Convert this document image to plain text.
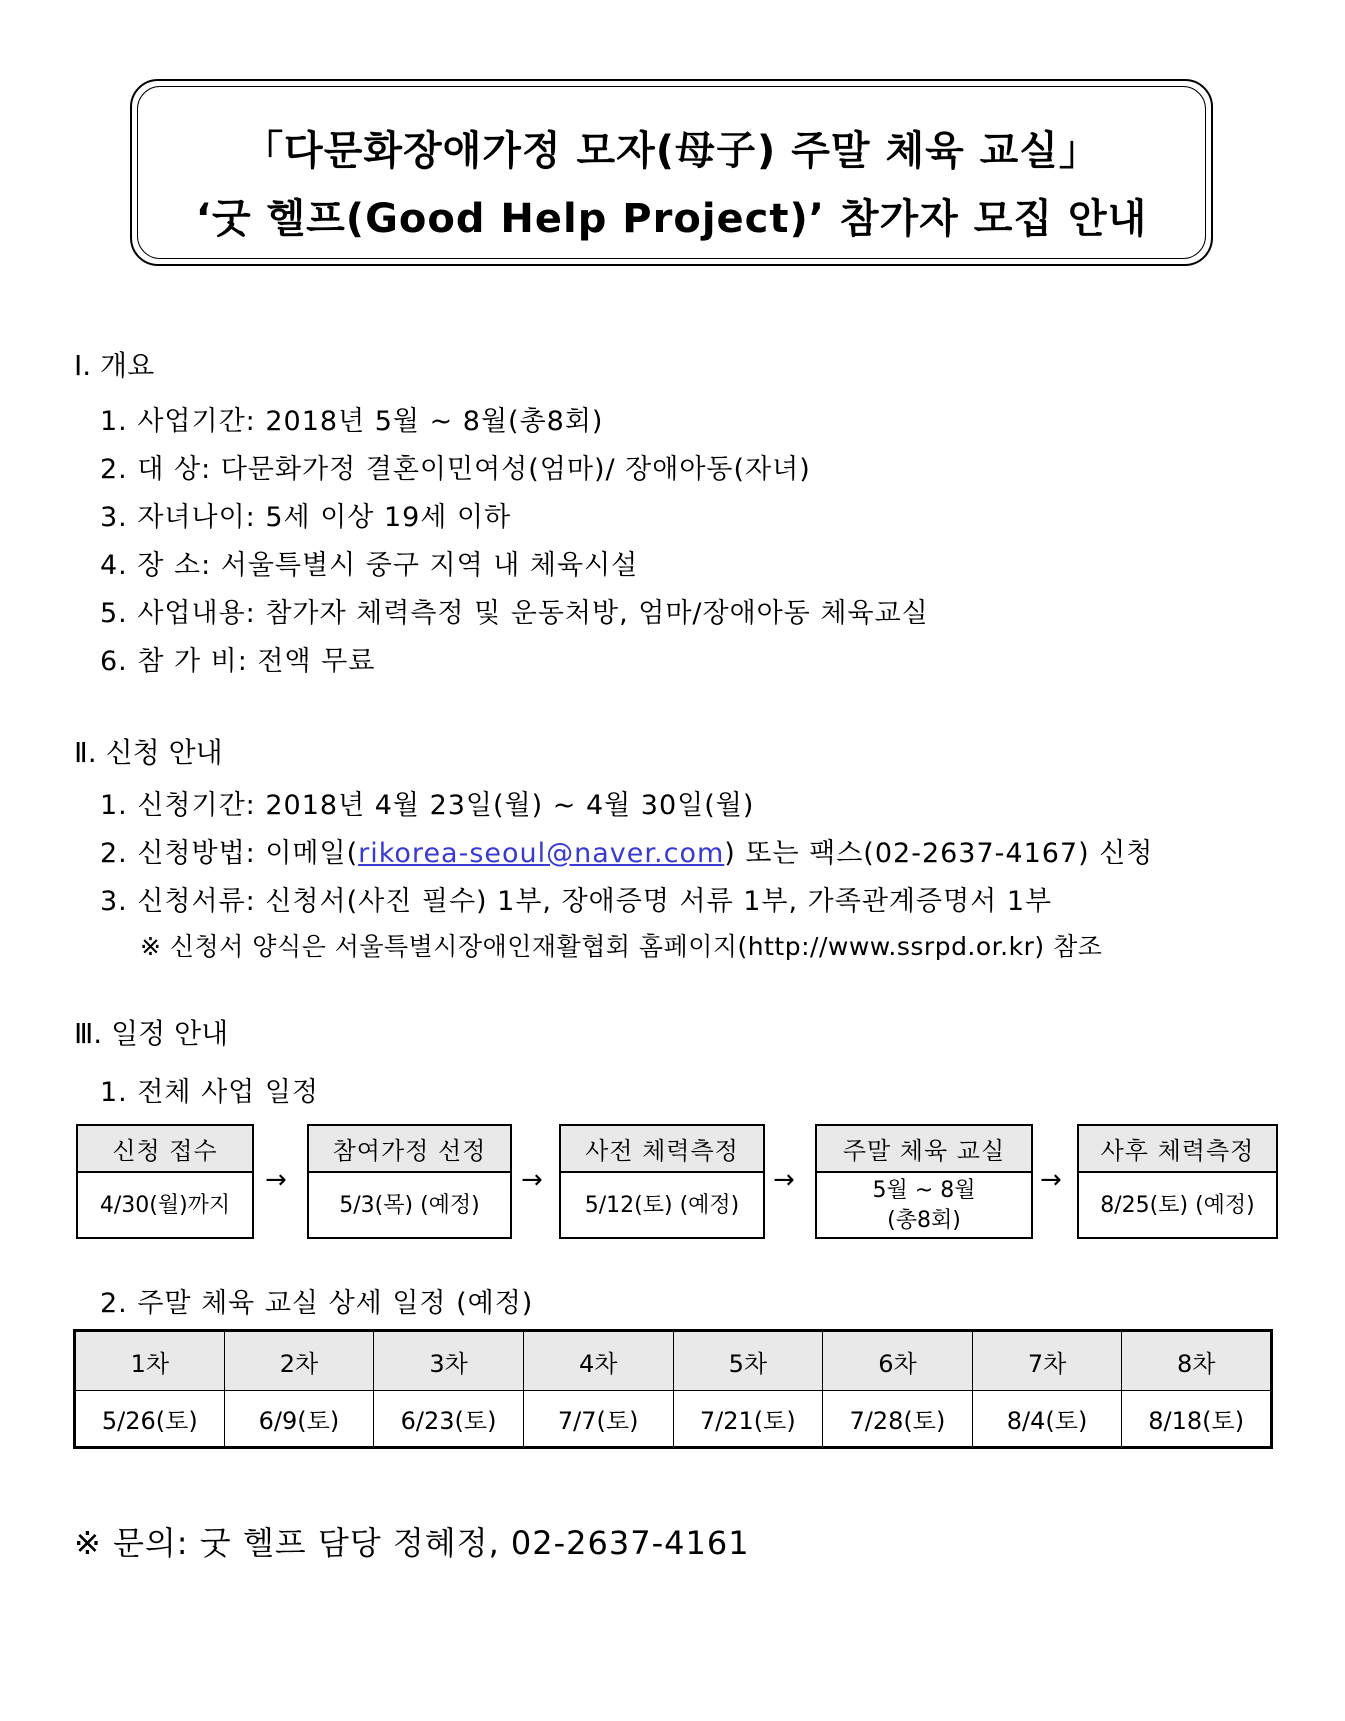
「다문화장애가정 모자(母子) 주말 체육 교실」
‘굿 헬프(Good Help Project)’ 참가자 모집 안내
Ⅰ. 개요
1. 사업기간: 2018년 5월 ~ 8월(총8회)
2. 대 상: 다문화가정 결혼이민여성(엄마)/ 장애아동(자녀)
3. 자녀나이: 5세 이상 19세 이하
4. 장 소: 서울특별시 중구 지역 내 체육시설
5. 사업내용: 참가자 체력측정 및 운동처방, 엄마/장애아동 체육교실
6. 참 가 비: 전액 무료
Ⅱ. 신청 안내
1. 신청기간: 2018년 4월 23일(월) ~ 4월 30일(월)
2. 신청방법: 이메일(rikorea-seoul@naver.com) 또는 팩스(02-2637-4167) 신청
3. 신청서류: 신청서(사진 필수) 1부, 장애증명 서류 1부, 가족관계증명서 1부
※ 신청서 양식은 서울특별시장애인재활협회 홈페이지(http://www.ssrpd.or.kr) 참조
Ⅲ. 일정 안내
1. 전체 사업 일정
신청 접수
4/30(월)까지
→
참여가정 선정
5/3(목) (예정)
→
사전 체력측정
5/12(토) (예정)
→
주말 체육 교실
5월 ~ 8월
(총8회)
→
사후 체력측정
8/25(토) (예정)
2. 주말 체육 교실 상세 일정 (예정)
1차	2차	3차	4차	5차	6차	7차	8차
5/26(토)	6/9(토)	6/23(토)	7/7(토)	7/21(토)	7/28(토)	8/4(토)	8/18(토)
※ 문의: 굿 헬프 담당 정혜정, 02-2637-4161
